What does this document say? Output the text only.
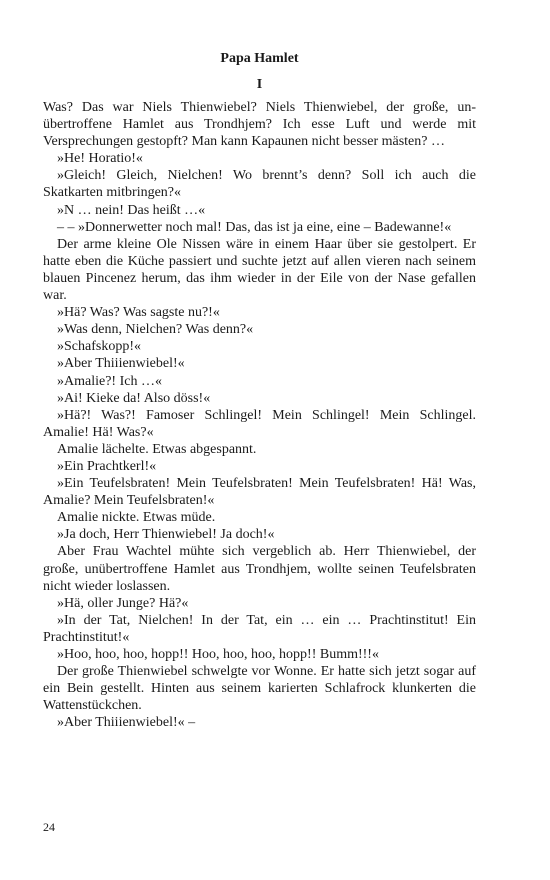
Papa Hamlet
I

Was? Das war Niels Thienwiebel? Niels Thienwiebel, der große, unübertroffene Hamlet aus Trondhjem? Ich esse Luft und werde mit Versprechungen gestopft? Man kann Kapaunen nicht besser mästen? …

»He! Horatio!«

»Gleich! Gleich, Nielchen! Wo brennt’s denn? Soll ich auch die Skatkarten mitbringen?«

»N … nein! Das heißt …«

– – »Donnerwetter noch mal! Das, das ist ja eine, eine – Badewanne!«

Der arme kleine Ole Nissen wäre in einem Haar über sie gestolpert. Er hatte eben die Küche passiert und suchte jetzt auf allen vieren nach seinem blauen Pincenez herum, das ihm wieder in der Eile von der Nase gefallen war.

»Hä? Was? Was sagste nu?!«

»Was denn, Nielchen? Was denn?«

»Schafskopp!«

»Aber Thiiienwiebel!«

»Amalie?! Ich …«

»Ai! Kieke da! Also döss!«

»Hä?! Was?! Famoser Schlingel! Mein Schlingel! Mein Schlingel. Amalie! Hä! Was?«

Amalie lächelte. Etwas abgespannt.

»Ein Prachtkerl!«

»Ein Teufelsbraten! Mein Teufelsbraten! Mein Teufelsbraten! Hä! Was, Amalie? Mein Teufelsbraten!«

Amalie nickte. Etwas müde.

»Ja doch, Herr Thienwiebel! Ja doch!«

Aber Frau Wachtel mühte sich vergeblich ab. Herr Thienwiebel, der große, unübertroffene Hamlet aus Trondhjem, wollte seinen Teufelsbraten nicht wieder loslassen.

»Hä, oller Junge? Hä?«

»In der Tat, Nielchen! In der Tat, ein … ein … Prachtinstitut! Ein Prachtinstitut!«

»Hoo, hoo, hoo, hopp!! Hoo, hoo, hoo, hopp!! Bumm!!!«

Der große Thienwiebel schwelgte vor Wonne. Er hatte sich jetzt sogar auf ein Bein gestellt. Hinten aus seinem karierten Schlafrock klunkerten die Wattenstückchen.

»Aber Thiiienwiebel!« –

24
